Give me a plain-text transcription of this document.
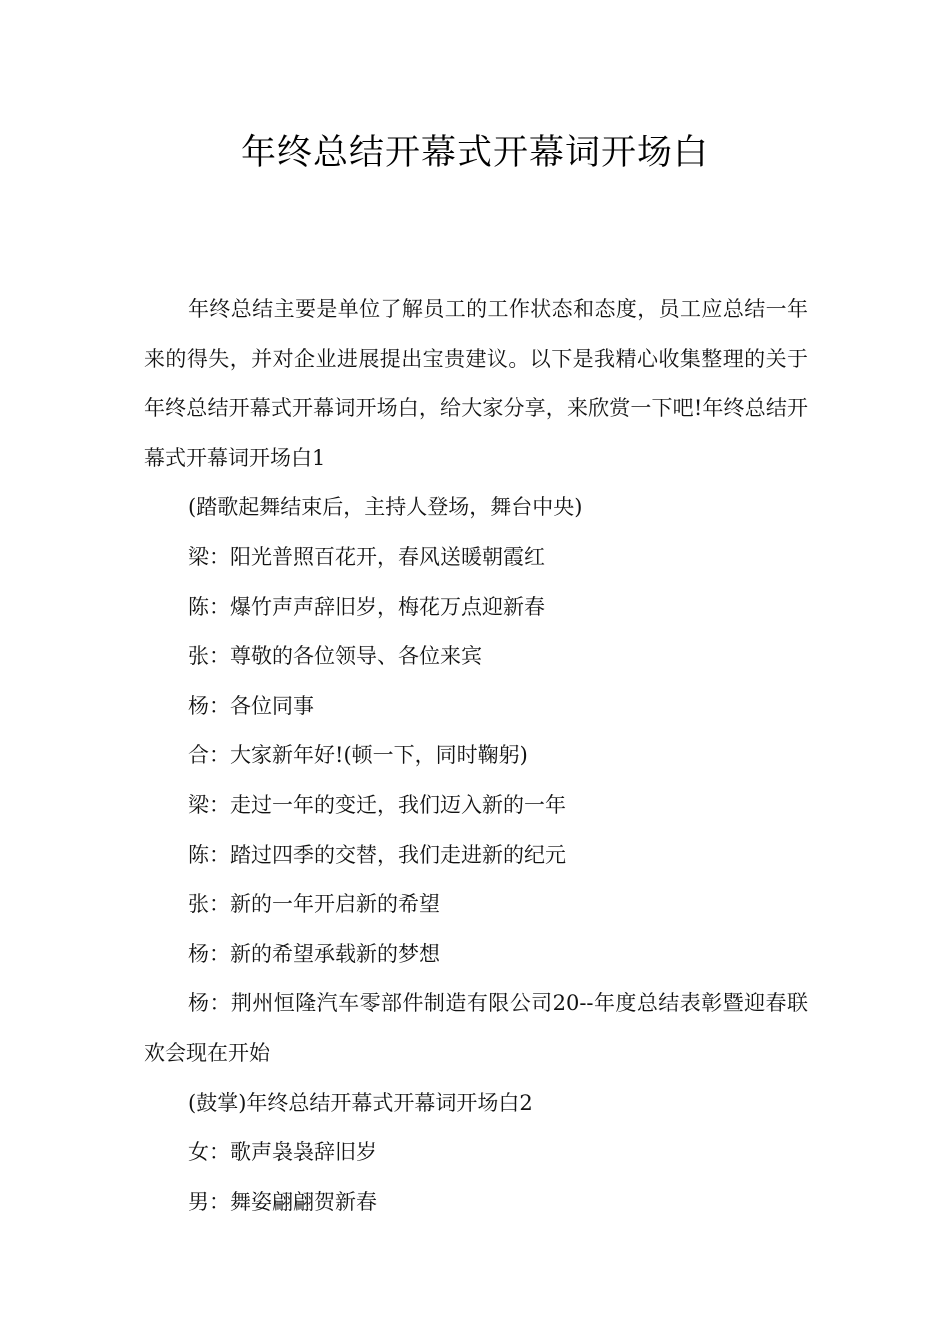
年终总结开幕式开幕词开场白

年终总结主要是单位了解员工的工作状态和态度，员工应总结一年来的得失，并对企业进展提出宝贵建议。以下是我精心收集整理的关于年终总结开幕式开幕词开场白，给大家分享，来欣赏一下吧!年终总结开幕式开幕词开场白1

(踏歌起舞结束后，主持人登场，舞台中央)

梁：阳光普照百花开，春风送暖朝霞红

陈：爆竹声声辞旧岁，梅花万点迎新春

张：尊敬的各位领导、各位来宾

杨：各位同事

合：大家新年好!(顿一下，同时鞠躬)

梁：走过一年的变迁，我们迈入新的一年

陈：踏过四季的交替，我们走进新的纪元

张：新的一年开启新的希望

杨：新的希望承载新的梦想

杨：荆州恒隆汽车零部件制造有限公司20--年度总结表彰暨迎春联欢会现在开始

(鼓掌)年终总结开幕式开幕词开场白2

女：歌声袅袅辞旧岁

男：舞姿翩翩贺新春
